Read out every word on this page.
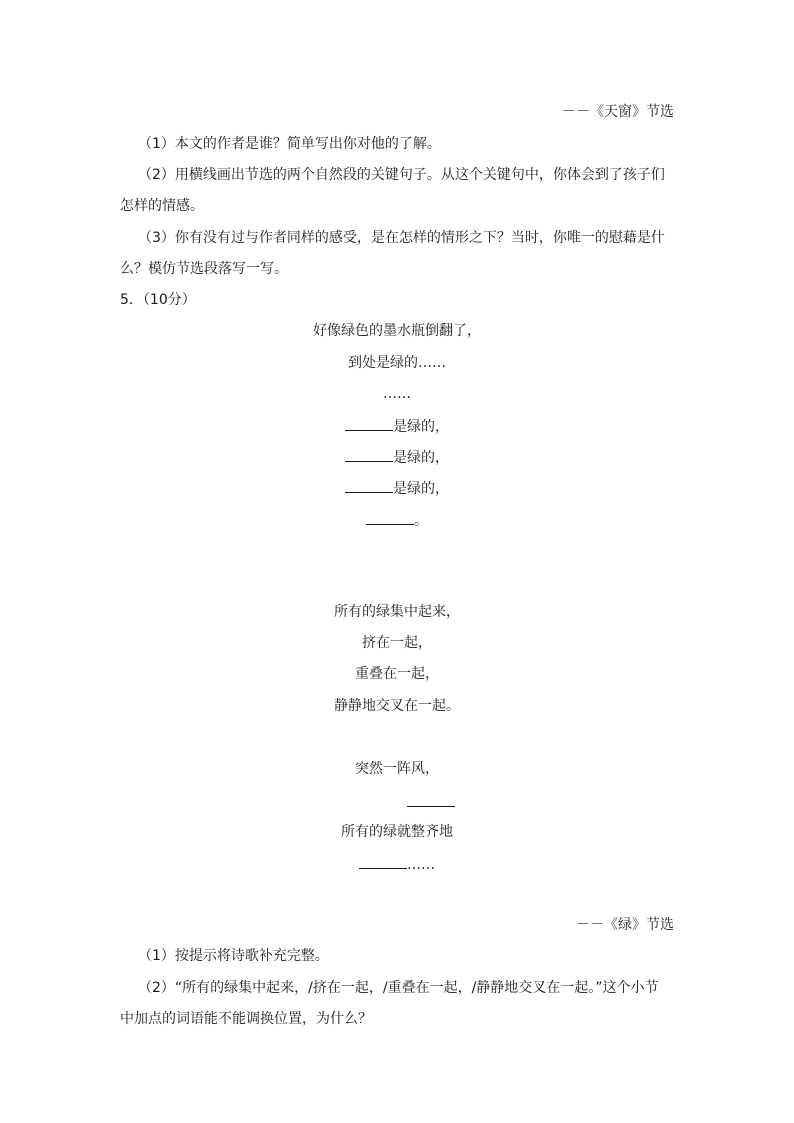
－－《天窗》节选
（1）本文的作者是谁？简单写出你对他的了解。
（2）用横线画出节选的两个自然段的关键句子。从这个关键句中，你体会到了孩子们
怎样的情感。
（3）你有没有过与作者同样的感受，是在怎样的情形之下？当时，你唯一的慰藉是什
么？模仿节选段落写一写。
5．（10分）
好像绿色的墨水瓶倒翻了，
到处是绿的……
……
是绿的，
是绿的，
是绿的，
。
所有的绿集中起来，
挤在一起，
重叠在一起，
静静地交叉在一起。
突然一阵风，
所有的绿就整齐地
……
－－《绿》节选
（1）按提示将诗歌补充完整。
（2）“所有的绿集中起来，/挤在一起，/重叠在一起，/静静地交叉在一起。”这个小节
中加点的词语能不能调换位置，为什么？
